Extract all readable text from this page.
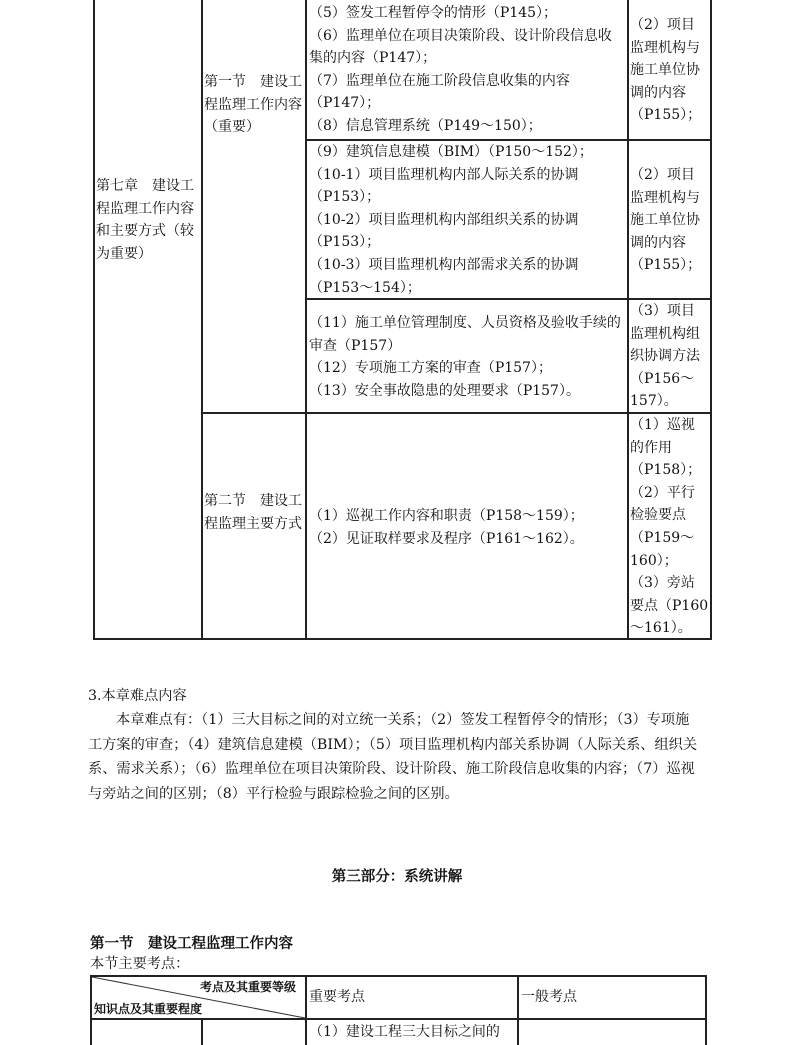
第七章　建设工程监理工作内容和主要方式（较为重要）
第一节　建设工程监理工作内容（重要）
第二节　建设工程监理主要方式
（5）签发工程暂停令的情形（P145）；
（6）监理单位在项目决策阶段、设计阶段信息收集的内容（P147）；
（7）监理单位在施工阶段信息收集的内容（P147）；
（8）信息管理系统（P149～150）；
（2）项目
监理机构与
施工单位协
调的内容
（P155）；
（9）建筑信息建模（BIM）（P150～152）；
（10-1）项目监理机构内部人际关系的协调（P153）；
（10-2）项目监理机构内部组织关系的协调（P153）；
（10-3）项目监理机构内部需求关系的协调（P153～154）；
（2）项目
监理机构与
施工单位协
调的内容
（P155）；
（11）施工单位管理制度、人员资格及验收手续的审查（P157）
（12）专项施工方案的审查（P157）；
（13）安全事故隐患的处理要求（P157）。
（3）项目
监理机构组
织协调方法
（P156～
157）。
（1）巡视工作内容和职责（P158～159）；
（2）见证取样要求及程序（P161～162）。
（1）巡视
的作用
（P158）；
（2）平行
检验要点
（P159～
160）；
（3）旁站
要点（P160
～161）。
3.本章难点内容
本章难点有：（1）三大目标之间的对立统一关系；（2）签发工程暂停令的情形；（3）专项施工方案的审查；（4）建筑信息建模（BIM）；（5）项目监理机构内部关系协调（人际关系、组织关系、需求关系）；（6）监理单位在项目决策阶段、设计阶段、施工阶段信息收集的内容；（7）巡视与旁站之间的区别；（8）平行检验与跟踪检验之间的区别。
第三部分：系统讲解
第一节　建设工程监理工作内容
本节主要考点：
考点及其重要等级
知识点及其重要程度
重要考点	一般考点
（1）建设工程三大目标之间的
